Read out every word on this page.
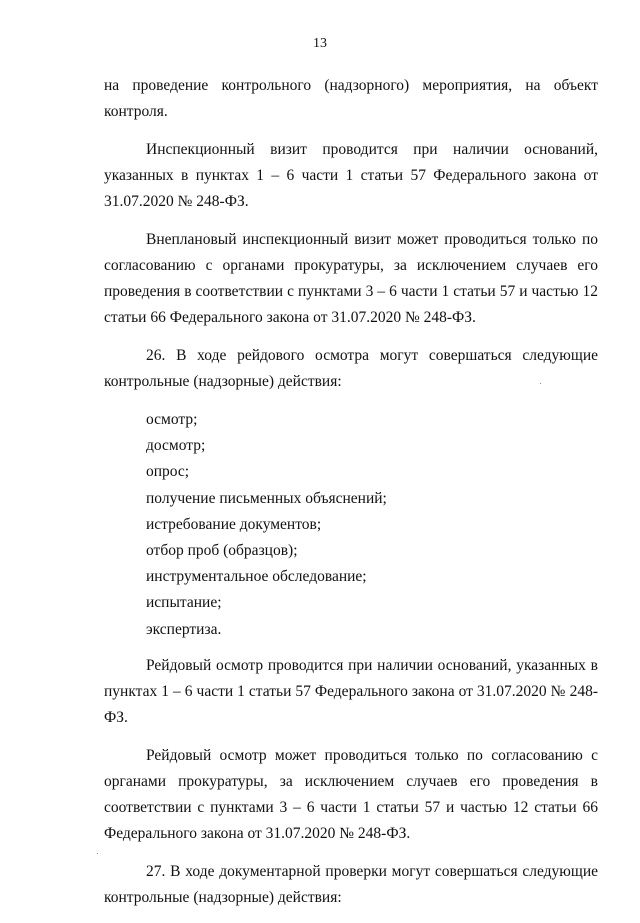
13

на проведение контрольного (надзорного) мероприятия, на объект контроля.

Инспекционный визит проводится при наличии оснований, указанных в пунктах 1 – 6 части 1 статьи 57 Федерального закона от 31.07.2020 № 248-ФЗ.

Внеплановый инспекционный визит может проводиться только по согласованию с органами прокуратуры, за исключением случаев его проведения в соответствии с пунктами 3 – 6 части 1 статьи 57 и частью 12 статьи 66 Федерального закона от 31.07.2020 № 248-ФЗ.

26. В ходе рейдового осмотра могут совершаться следующие контрольные (надзорные) действия:

осмотр;
досмотр;
опрос;
получение письменных объяснений;
истребование документов;
отбор проб (образцов);
инструментальное обследование;
испытание;
экспертиза.

Рейдовый осмотр проводится при наличии оснований, указанных в пунктах 1 – 6 части 1 статьи 57 Федерального закона от 31.07.2020 № 248-ФЗ.

Рейдовый осмотр может проводиться только по согласованию с органами прокуратуры, за исключением случаев его проведения в соответствии с пунктами 3 – 6 части 1 статьи 57 и частью 12 статьи 66 Федерального закона от 31.07.2020 № 248-ФЗ.

27. В ходе документарной проверки могут совершаться следующие контрольные (надзорные) действия:
